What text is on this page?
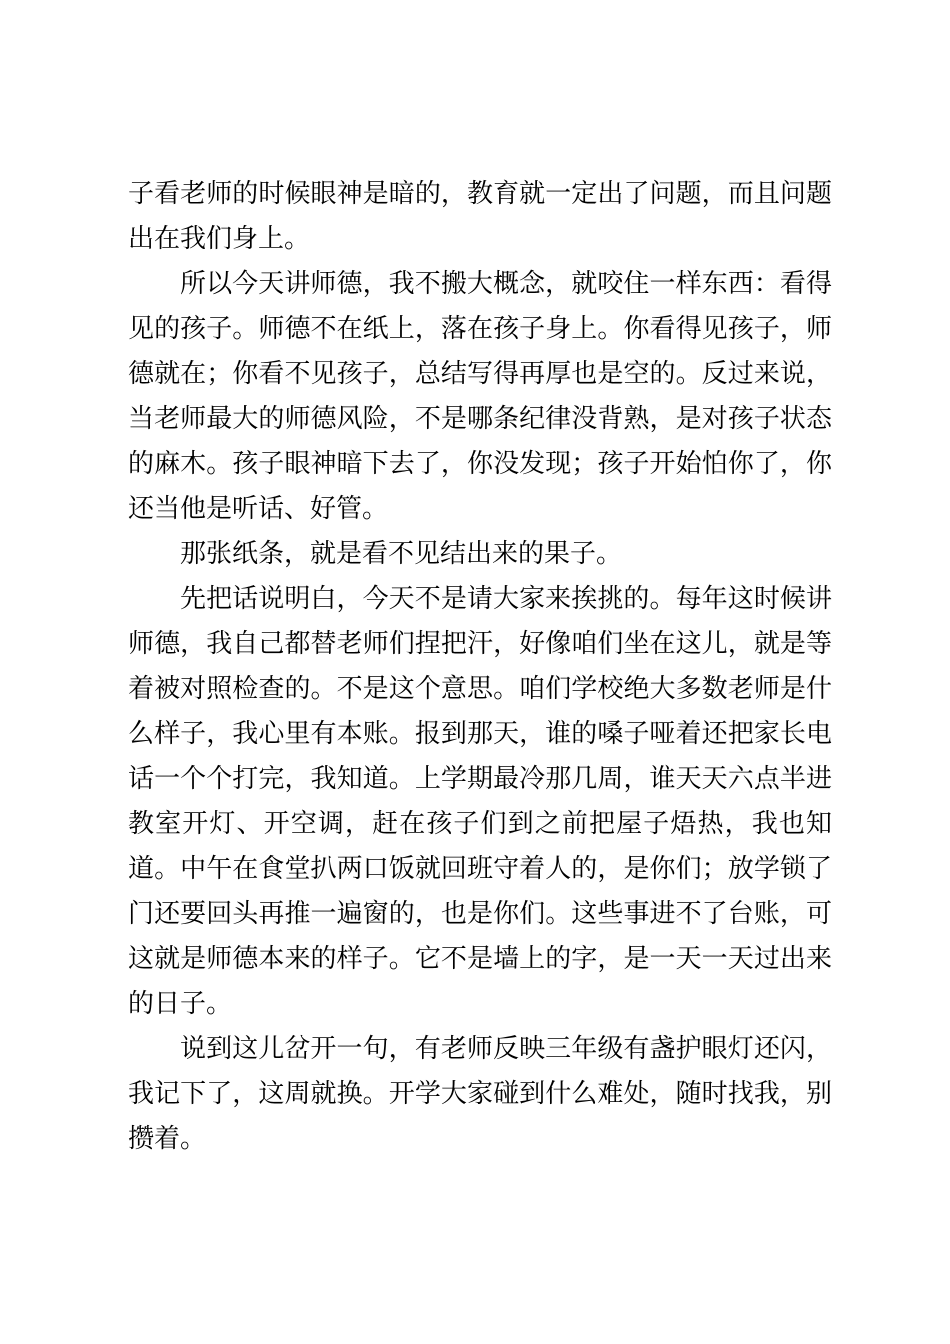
子看老师的时候眼神是暗的，教育就一定出了问题，而且问题出在我们身上。

所以今天讲师德，我不搬大概念，就咬住一样东西：看得见的孩子。师德不在纸上，落在孩子身上。你看得见孩子，师德就在；你看不见孩子，总结写得再厚也是空的。反过来说，当老师最大的师德风险，不是哪条纪律没背熟，是对孩子状态的麻木。孩子眼神暗下去了，你没发现；孩子开始怕你了，你还当他是听话、好管。

那张纸条，就是看不见结出来的果子。

先把话说明白，今天不是请大家来挨挑的。每年这时候讲师德，我自己都替老师们捏把汗，好像咱们坐在这儿，就是等着被对照检查的。不是这个意思。咱们学校绝大多数老师是什么样子，我心里有本账。报到那天，谁的嗓子哑着还把家长电话一个个打完，我知道。上学期最冷那几周，谁天天六点半进教室开灯、开空调，赶在孩子们到之前把屋子焐热，我也知道。中午在食堂扒两口饭就回班守着人的，是你们；放学锁了门还要回头再推一遍窗的，也是你们。这些事进不了台账，可这就是师德本来的样子。它不是墙上的字，是一天一天过出来的日子。

说到这儿岔开一句，有老师反映三年级有盏护眼灯还闪，我记下了，这周就换。开学大家碰到什么难处，随时找我，别攒着。
